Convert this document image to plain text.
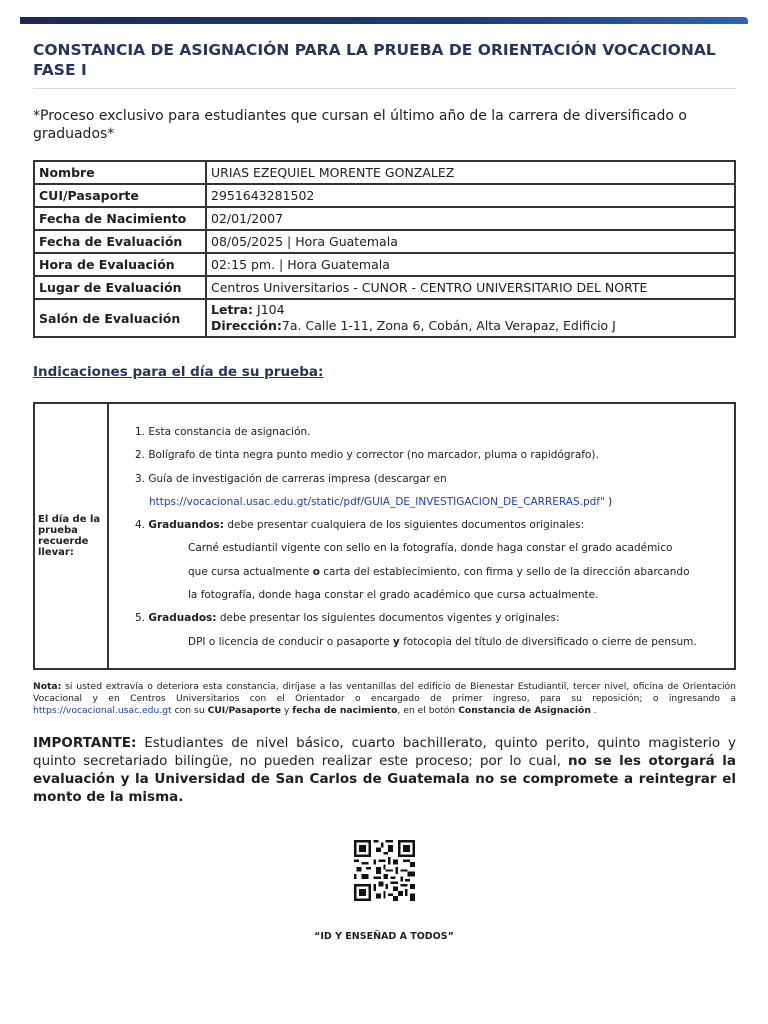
CONSTANCIA DE ASIGNACIÓN PARA LA PRUEBA DE ORIENTACIÓN VOCACIONAL FASE I

*Proceso exclusivo para estudiantes que cursan el último año de la carrera de diversificado o graduados*

Nombre	URIAS EZEQUIEL MORENTE GONZALEZ
CUI/Pasaporte	2951643281502
Fecha de Nacimiento	02/01/2007
Fecha de Evaluación	08/05/2025 | Hora Guatemala
Hora de Evaluación	02:15 pm. | Hora Guatemala
Lugar de Evaluación	Centros Universitarios - CUNOR - CENTRO UNIVERSITARIO DEL NORTE
Salón de Evaluación	Letra: J104
Dirección:7a. Calle 1-11, Zona 6, Cobán, Alta Verapaz, Edificio J
Indicaciones para el día de su prueba:
El día de la prueba recuerde llevar:
1. Esta constancia de asignación.
2. Bolígrafo de tinta negra punto medio y corrector (no marcador, pluma o rapidógrafo).
3. Guía de investigación de carreras impresa (descargar en
https://vocacional.usac.edu.gt/static/pdf/GUIA_DE_INVESTIGACION_DE_CARRERAS.pdf" )
4. Graduandos: debe presentar cualquiera de los siguientes documentos originales:
Carné estudiantil vigente con sello en la fotografía, donde haga constar el grado académico
que cursa actualmente o carta del establecimiento, con firma y sello de la dirección abarcando
la fotografía, donde haga constar el grado académico que cursa actualmente.
5. Graduados: debe presentar los siguientes documentos vigentes y originales:
DPI o licencia de conducir o pasaporte y fotocopia del título de diversificado o cierre de pensum.

Nota: si usted extravía o deteriora esta constancia, diríjase a las ventanillas del edificio de Bienestar Estudiantil, tercer nivel, oficina de Orientación Vocacional y en Centros Universitarios con el Orientador o encargado de primer ingreso, para su reposición; o ingresando a https://vocacional.usac.edu.gt con su CUI/Pasaporte y fecha de nacimiento, en el botón Constancia de Asignación .

IMPORTANTE: Estudiantes de nivel básico, cuarto bachillerato, quinto perito, quinto magisterio y quinto secretariado bilingüe, no pueden realizar este proceso; por lo cual, no se les otorgará la evaluación y la Universidad de San Carlos de Guatemala no se compromete a reintegrar el monto de la misma.

“ID Y ENSEÑAD A TODOS”
